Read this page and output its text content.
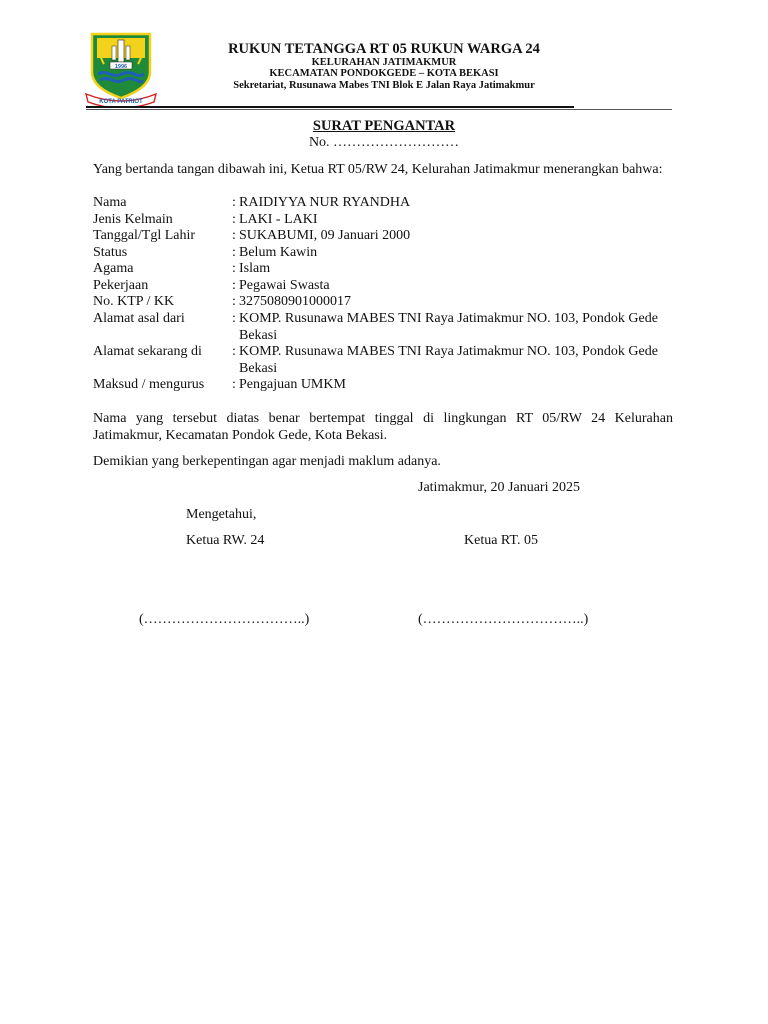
1996
KOTA PATRIOT
RUKUN TETANGGA RT 05 RUKUN WARGA 24
KELURAHAN JATIMAKMUR
KECAMATAN PONDOKGEDE – KOTA BEKASI
Sekretariat, Rusunawa Mabes TNI Blok E Jalan Raya Jatimakmur
SURAT PENGANTAR
No. ………………………
Yang bertanda tangan dibawah ini, Ketua RT 05/RW 24, Kelurahan Jatimakmur menerangkan bahwa:
Nama	: RAIDIYYA NUR RYANDHA
Jenis Kelmain	: LAKI - LAKI
Tanggal/Tgl Lahir	: SUKABUMI, 09 Januari 2000
Status	: Belum Kawin
Agama	: Islam
Pekerjaan	: Pegawai Swasta
No. KTP / KK	: 3275080901000017
Alamat asal dari	: KOMP. Rusunawa MABES TNI Raya Jatimakmur NO. 103, Pondok Gede Bekasi
Alamat sekarang di : KOMP. Rusunawa MABES TNI Raya Jatimakmur NO. 103, Pondok Gede Bekasi
Maksud / mengurus : Pengajuan UMKM
Nama yang tersebut diatas benar bertempat tinggal di lingkungan RT 05/RW 24 Kelurahan Jatimakmur, Kecamatan Pondok Gede, Kota Bekasi.
Demikian yang berkepentingan agar menjadi maklum adanya.
Jatimakmur, 20 Januari 2025
Mengetahui,
Ketua RW. 24	Ketua RT. 05
(……………………………..)	(……………………………..)
